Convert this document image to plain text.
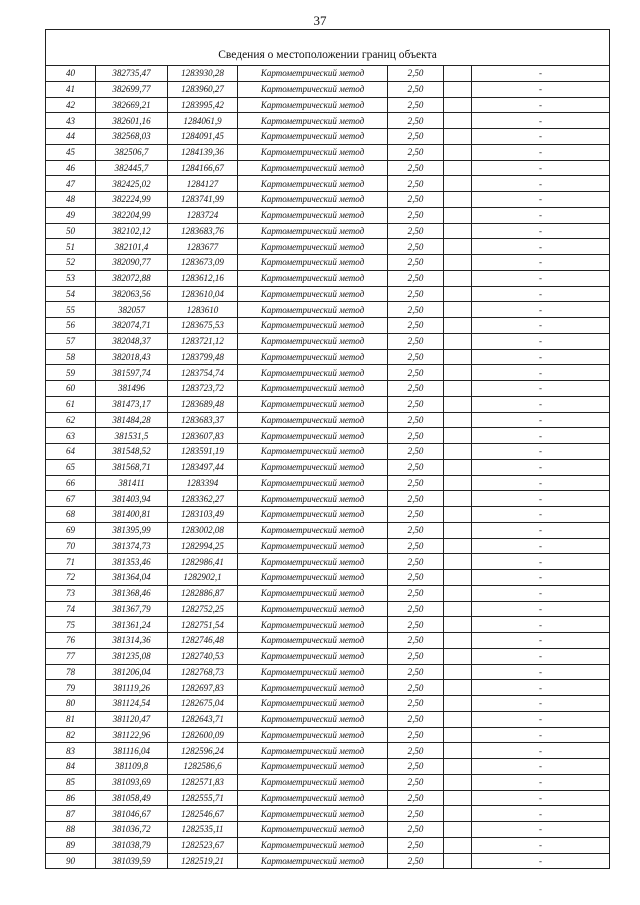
37
Сведения о местоположении границ объекта						

40	382735,47	1283930,28	Картометрический метод	2,50		-
41	382699,77	1283960,27	Картометрический метод	2,50		-
42	382669,21	1283995,42	Картометрический метод	2,50		-
43	382601,16	1284061,9	Картометрический метод	2,50		-
44	382568,03	1284091,45	Картометрический метод	2,50		-
45	382506,7	1284139,36	Картометрический метод	2,50		-
46	382445,7	1284166,67	Картометрический метод	2,50		-
47	382425,02	1284127	Картометрический метод	2,50		-
48	382224,99	1283741,99	Картометрический метод	2,50		-
49	382204,99	1283724	Картометрический метод	2,50		-
50	382102,12	1283683,76	Картометрический метод	2,50		-
51	382101,4	1283677	Картометрический метод	2,50		-
52	382090,77	1283673,09	Картометрический метод	2,50		-
53	382072,88	1283612,16	Картометрический метод	2,50		-
54	382063,56	1283610,04	Картометрический метод	2,50		-
55	382057	1283610	Картометрический метод	2,50		-
56	382074,71	1283675,53	Картометрический метод	2,50		-
57	382048,37	1283721,12	Картометрический метод	2,50		-
58	382018,43	1283799,48	Картометрический метод	2,50		-
59	381597,74	1283754,74	Картометрический метод	2,50		-
60	381496	1283723,72	Картометрический метод	2,50		-
61	381473,17	1283689,48	Картометрический метод	2,50		-
62	381484,28	1283683,37	Картометрический метод	2,50		-
63	381531,5	1283607,83	Картометрический метод	2,50		-
64	381548,52	1283591,19	Картометрический метод	2,50		-
65	381568,71	1283497,44	Картометрический метод	2,50		-
66	381411	1283394	Картометрический метод	2,50		-
67	381403,94	1283362,27	Картометрический метод	2,50		-
68	381400,81	1283103,49	Картометрический метод	2,50		-
69	381395,99	1283002,08	Картометрический метод	2,50		-
70	381374,73	1282994,25	Картометрический метод	2,50		-
71	381353,46	1282986,41	Картометрический метод	2,50		-
72	381364,04	1282902,1	Картометрический метод	2,50		-
73	381368,46	1282886,87	Картометрический метод	2,50		-
74	381367,79	1282752,25	Картометрический метод	2,50		-
75	381361,24	1282751,54	Картометрический метод	2,50		-
76	381314,36	1282746,48	Картометрический метод	2,50		-
77	381235,08	1282740,53	Картометрический метод	2,50		-
78	381206,04	1282768,73	Картометрический метод	2,50		-
79	381119,26	1282697,83	Картометрический метод	2,50		-
80	381124,54	1282675,04	Картометрический метод	2,50		-
81	381120,47	1282643,71	Картометрический метод	2,50		-
82	381122,96	1282600,09	Картометрический метод	2,50		-
83	381116,04	1282596,24	Картометрический метод	2,50		-
84	381109,8	1282586,6	Картометрический метод	2,50		-
85	381093,69	1282571,83	Картометрический метод	2,50		-
86	381058,49	1282555,71	Картометрический метод	2,50		-
87	381046,67	1282546,67	Картометрический метод	2,50		-
88	381036,72	1282535,11	Картометрический метод	2,50		-
89	381038,79	1282523,67	Картометрический метод	2,50		-
90	381039,59	1282519,21	Картометрический метод	2,50		-
